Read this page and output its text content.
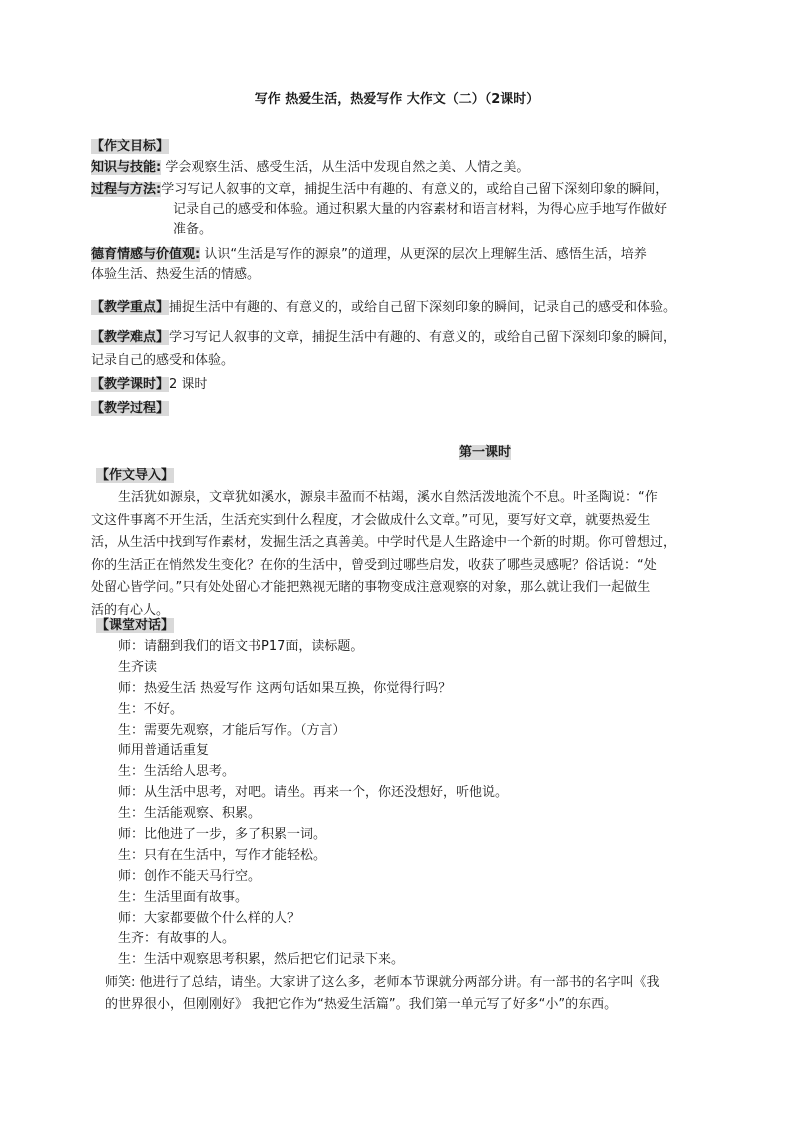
写作 热爱生活，热爱写作 大作文（二）（2课时）
【作文目标】
知识与技能: 学会观察生活、感受生活，从生活中发现自然之美、人情之美。
过程与方法:学习写记人叙事的文章，捕捉生活中有趣的、有意义的，或给自己留下深刻印象的瞬间，
记录自己的感受和体验。通过积累大量的内容素材和语言材料，为得心应手地写作做好
准备。
德育情感与价值观: 认识“生活是写作的源泉”的道理，从更深的层次上理解生活、感悟生活，培养
体验生活、热爱生活的情感。
【教学重点】捕捉生活中有趣的、有意义的，或给自己留下深刻印象的瞬间，记录自己的感受和体验。
【教学难点】学习写记人叙事的文章，捕捉生活中有趣的、有意义的，或给自己留下深刻印象的瞬间，
记录自己的感受和体验。
【教学课时】2 课时
【教学过程】
第一课时
【作文导入】
生活犹如源泉，文章犹如溪水，源泉丰盈而不枯竭，溪水自然活泼地流个不息。叶圣陶说：“作
文这件事离不开生活，生活充实到什么程度，才会做成什么文章。”可见，要写好文章，就要热爱生
活，从生活中找到写作素材，发掘生活之真善美。中学时代是人生路途中一个新的时期。你可曾想过，
你的生活正在悄然发生变化？在你的生活中，曾受到过哪些启发，收获了哪些灵感呢？俗话说：“处
处留心皆学问。”只有处处留心才能把熟视无睹的事物变成注意观察的对象，那么就让我们一起做生
活的有心人。
【课堂对话】
师：请翻到我们的语文书P17面，读标题。
生齐读
师：热爱生活 热爱写作 这两句话如果互换，你觉得行吗？
生：不好。
生：需要先观察，才能后写作。（方言）
师用普通话重复
生：生活给人思考。
师：从生活中思考，对吧。请坐。再来一个，你还没想好，听他说。
生：生活能观察、积累。
师：比他进了一步，多了积累一词。
生：只有在生活中，写作才能轻松。
师：创作不能天马行空。
生：生活里面有故事。
师：大家都要做个什么样的人？
生齐：有故事的人。
生：生活中观察思考积累，然后把它们记录下来。
师笑: 他进行了总结，请坐。大家讲了这么多，老师本节课就分两部分讲。有一部书的名字叫《我
的世界很小，但刚刚好》 我把它作为“热爱生活篇”。我们第一单元写了好多“小”的东西。
